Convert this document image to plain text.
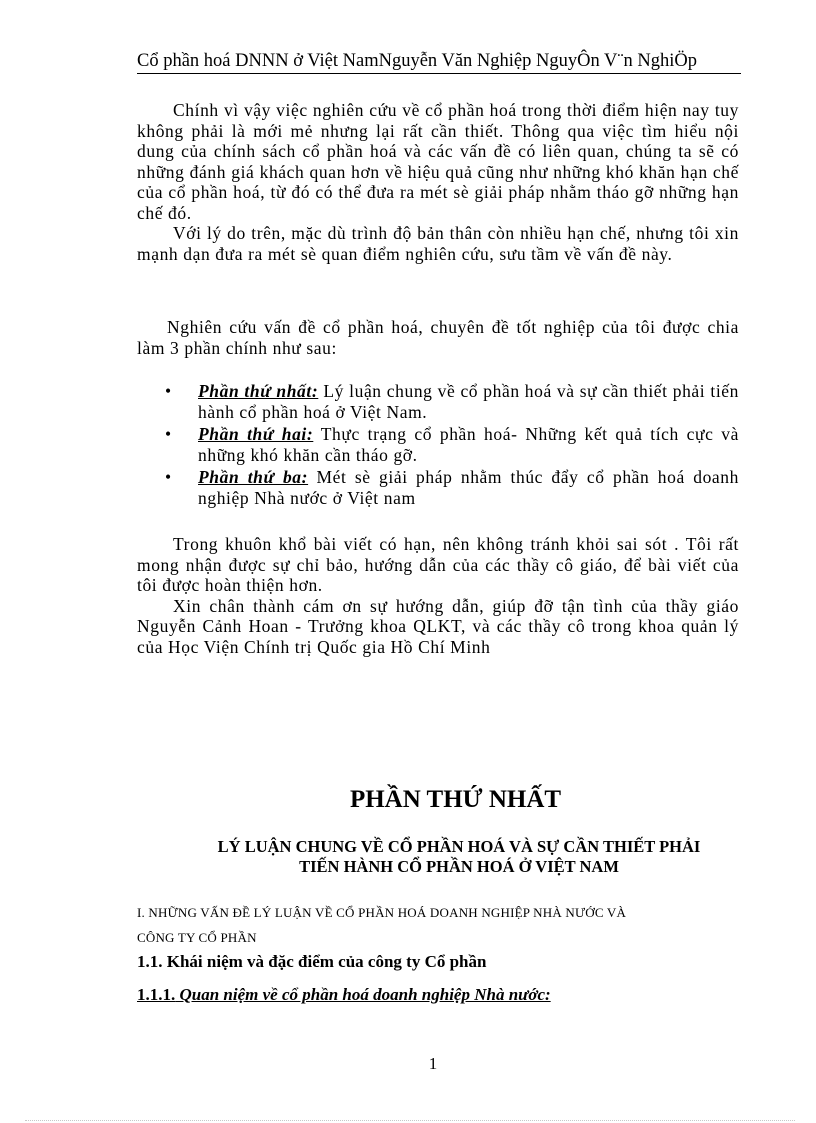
Cổ phần hoá DNNN ở Việt NamNguyễn Văn Nghiệp NguyÔn V¨n NghiÖp

Chính vì vậy việc nghiên cứu về cổ phần hoá trong thời điểm hiện nay tuy không phải là mới mẻ nhưng lại rất cần thiết. Thông qua việc tìm hiểu nội dung của chính sách cổ phần hoá và các vấn đề có liên quan, chúng ta sẽ có những đánh giá khách quan hơn về hiệu quả cũng như những khó khăn hạn chế của cổ phần hoá, từ đó có thể đưa ra mét sè giải pháp nhằm tháo gỡ những hạn chế đó.

Với lý do trên, mặc dù trình độ bản thân còn nhiều hạn chế, nhưng tôi xin mạnh dạn đưa ra mét sè quan điểm nghiên cứu, sưu tầm về vấn đề này.

Nghiên cứu vấn đề cổ phần hoá, chuyên đề tốt nghiệp của tôi được chia làm 3 phần chính như sau:

• Phần thứ nhất: Lý luận chung về cổ phần hoá và sự cần thiết phải tiến hành cổ phần hoá ở Việt Nam.
• Phần thứ hai: Thực trạng cổ phần hoá- Những kết quả tích cực và những khó khăn cần tháo gỡ.
• Phần thứ ba: Mét sè giải pháp nhằm thúc đẩy cổ phần hoá doanh nghiệp Nhà nước ở Việt nam

Trong khuôn khổ bài viết có hạn, nên không tránh khỏi sai sót . Tôi rất mong nhận được sự chỉ bảo, hướng dẫn của các thầy cô giáo, để bài viết của tôi được hoàn thiện hơn.

Xin chân thành cám ơn sự hướng dẫn, giúp đỡ tận tình của thầy giáo Nguyễn Cảnh Hoan - Trưởng khoa QLKT, và các thầy cô trong khoa quản lý của Học Viện Chính trị Quốc gia Hồ Chí Minh

PHẦN THỨ NHẤT
LÝ LUẬN CHUNG VỀ CỔ PHẦN HOÁ VÀ SỰ CẦN THIẾT PHẢI
TIẾN HÀNH CỔ PHẦN HOÁ Ở VIỆT NAM
I. NHỮNG VẤN ĐỀ LÝ LUẬN VỀ CỔ PHẦN HOÁ DOANH NGHIỆP NHÀ NƯỚC VÀ
CÔNG TY CỔ PHẦN
1.1. Khái niệm và đặc điểm của công ty Cổ phần
1.1.1. Quan niệm về cổ phần hoá doanh nghiệp Nhà nước:
1
